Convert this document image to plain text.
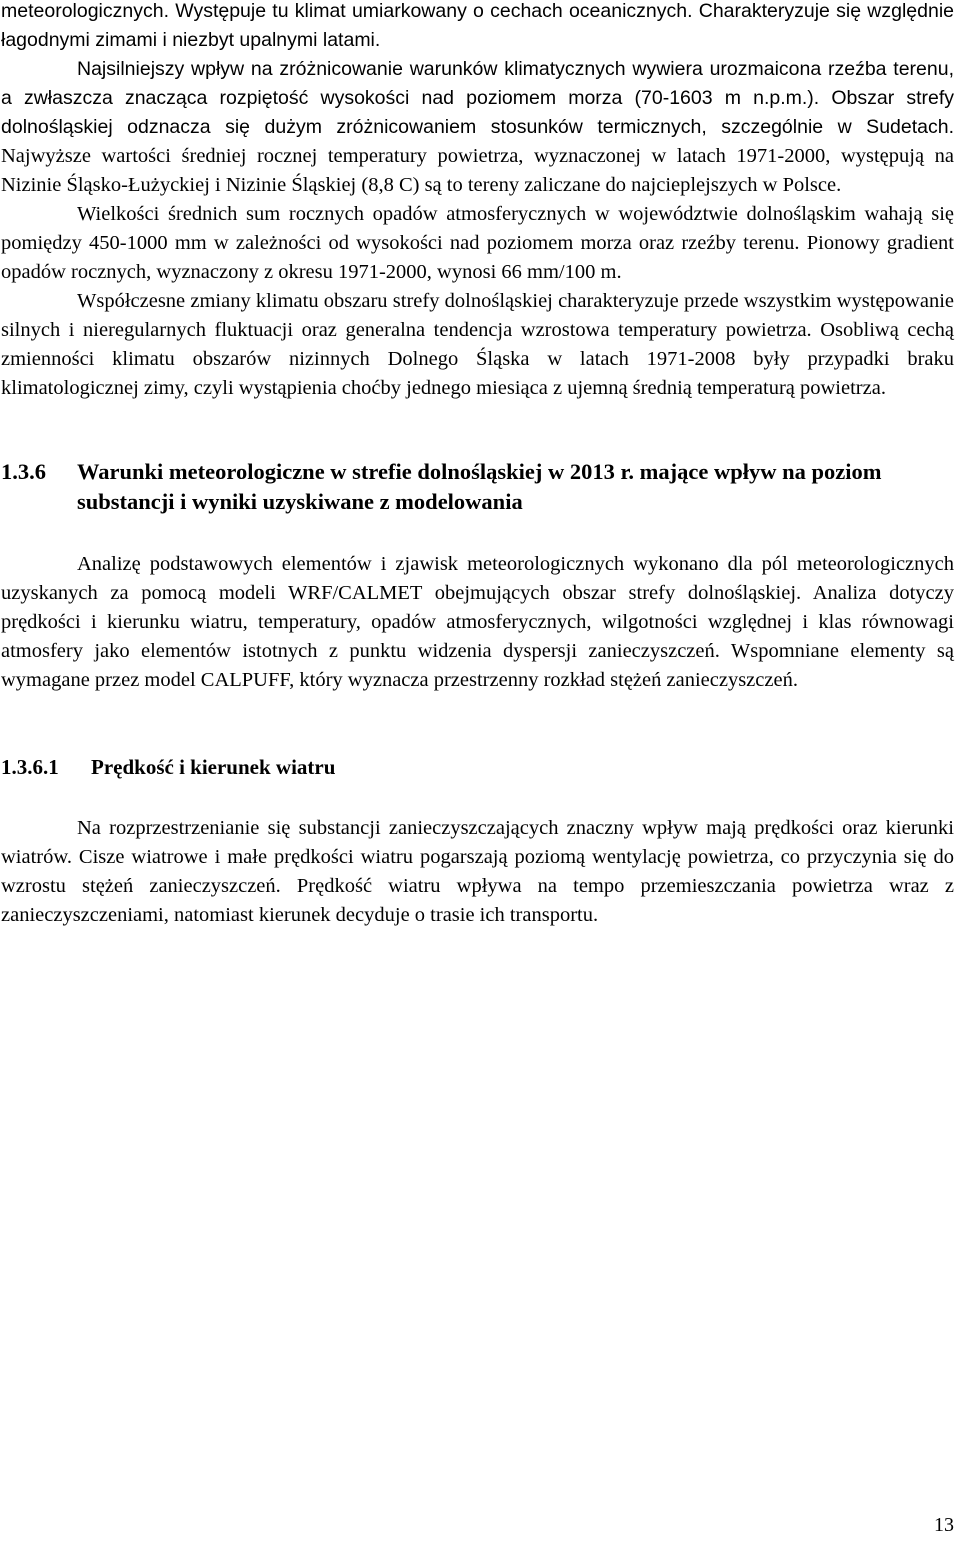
meteorologicznych. Występuje tu klimat umiarkowany o cechach oceanicznych. Charakteryzuje się względnie łagodnymi zimami i niezbyt upalnymi latami.

Najsilniejszy wpływ na zróżnicowanie warunków klimatycznych wywiera urozmaicona rzeźba terenu, a zwłaszcza znacząca rozpiętość wysokości nad poziomem morza (70-1603 m n.p.m.). Obszar strefy dolnośląskiej odznacza się dużym zróżnicowaniem stosunków termicznych, szczególnie w Sudetach. Najwyższe wartości średniej rocznej temperatury powietrza, wyznaczonej w latach 1971-2000, występują na Nizinie Śląsko-Łużyckiej i Nizinie Śląskiej (8,8 C) są to tereny zaliczane do najcieplejszych w Polsce.

Wielkości średnich sum rocznych opadów atmosferycznych w województwie dolnośląskim wahają się pomiędzy 450-1000 mm w zależności od wysokości nad poziomem morza oraz rzeźby terenu. Pionowy gradient opadów rocznych, wyznaczony z okresu 1971-2000, wynosi 66 mm/100 m.

Współczesne zmiany klimatu obszaru strefy dolnośląskiej charakteryzuje przede wszystkim występowanie silnych i nieregularnych fluktuacji oraz generalna tendencja wzrostowa temperatury powietrza. Osobliwą cechą zmienności klimatu obszarów nizinnych Dolnego Śląska w latach 1971-2008 były przypadki braku klimatologicznej zimy, czyli wystąpienia choćby jednego miesiąca z ujemną średnią temperaturą powietrza.

1.3.6	Warunki meteorologiczne w strefie dolnośląskiej w 2013 r. mające wpływ na poziom substancji i wyniki uzyskiwane z modelowania

Analizę podstawowych elementów i zjawisk meteorologicznych wykonano dla pól meteorologicznych uzyskanych za pomocą modeli WRF/CALMET obejmujących obszar strefy dolnośląskiej. Analiza dotyczy prędkości i kierunku wiatru, temperatury, opadów atmosferycznych, wilgotności względnej i klas równowagi atmosfery jako elementów istotnych z punktu widzenia dyspersji zanieczyszczeń. Wspomniane elementy są wymagane przez model CALPUFF, który wyznacza przestrzenny rozkład stężeń zanieczyszczeń.

1.3.6.1	Prędkość i kierunek wiatru

Na rozprzestrzenianie się substancji zanieczyszczających znaczny wpływ mają prędkości oraz kierunki wiatrów. Cisze wiatrowe i małe prędkości wiatru pogarszają poziomą wentylację powietrza, co przyczynia się do wzrostu stężeń zanieczyszczeń. Prędkość wiatru wpływa na tempo przemieszczania powietrza wraz z zanieczyszczeniami, natomiast kierunek decyduje o trasie ich transportu.

13
